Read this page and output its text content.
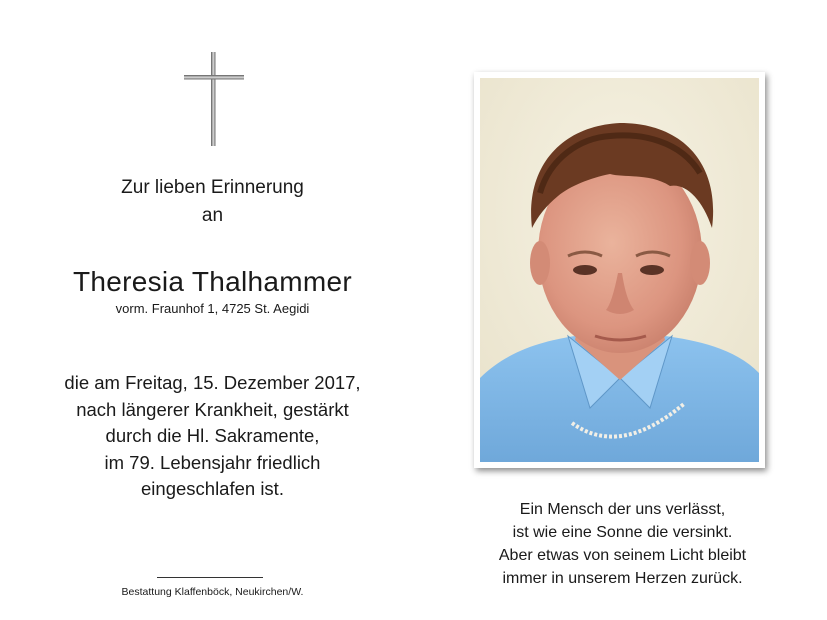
Zur lieben Erinnerung
an
Theresia Thalhammer
vorm. Fraunhof 1, 4725 St. Aegidi
die am Freitag, 15. Dezember 2017,
nach längerer Krankheit, gestärkt
durch die Hl. Sakramente,
im 79. Lebensjahr friedlich
eingeschlafen ist.
Bestattung Klaffenböck, Neukirchen/W.
Ein Mensch der uns verlässt,
ist wie eine Sonne die versinkt.
Aber etwas von seinem Licht bleibt
immer in unserem Herzen zurück.
